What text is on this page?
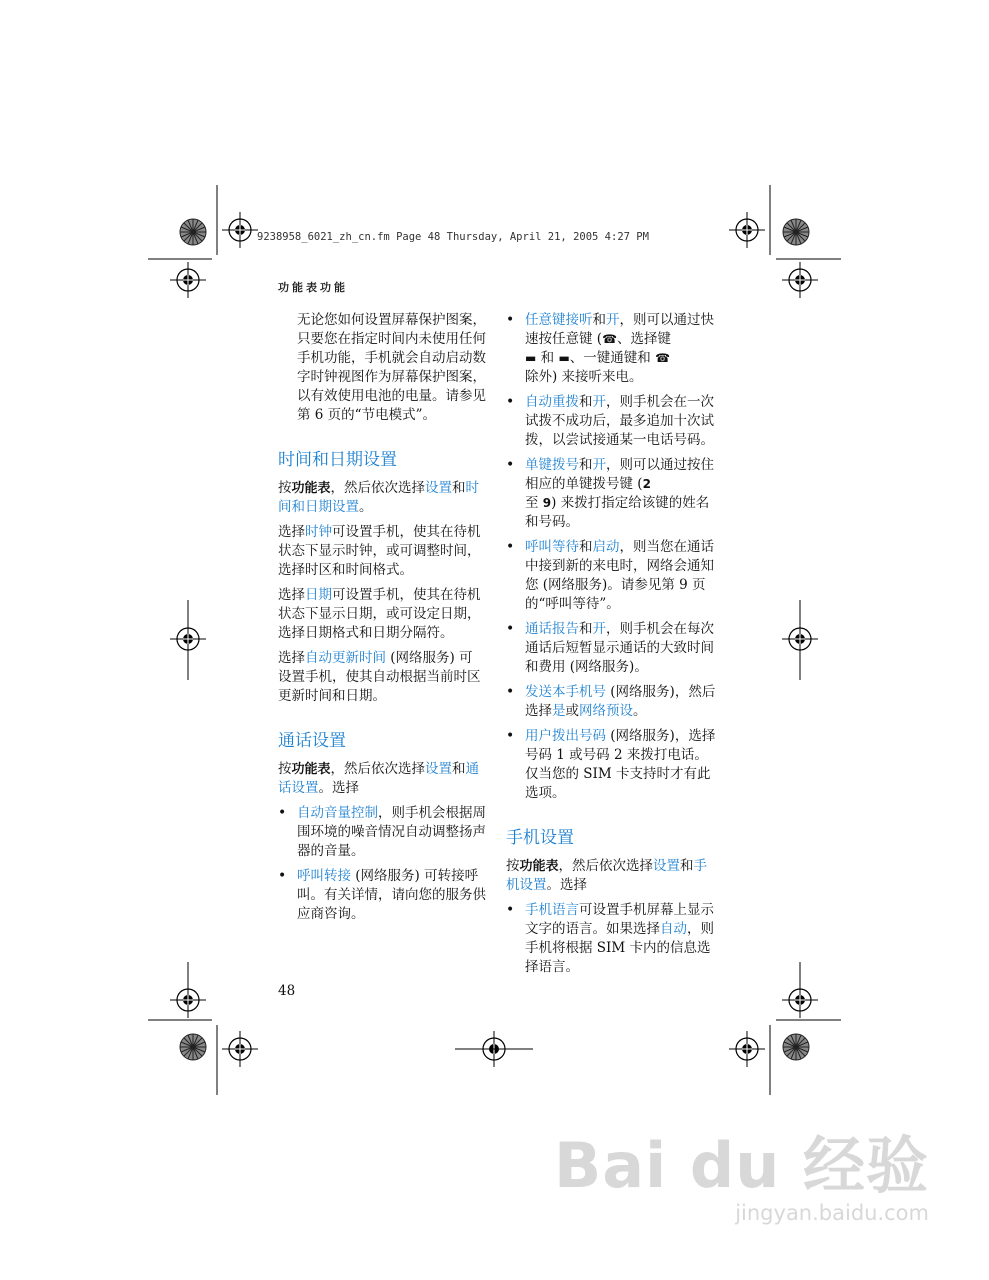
9238958_6021_zh_cn.fm Page 48 Thursday, April 21, 2005 4:27 PM
功能表功能

无论您如何设置屏幕保护图案，只要您在指定时间内未使用任何手机功能，手机就会自动启动数字时钟视图作为屏幕保护图案，以有效使用电池的电量。请参见第 6 页的“节电模式”。

时间和日期设置

按功能表，然后依次选择设置和时间和日期设置。

选择时钟可设置手机，使其在待机状态下显示时钟，或可调整时间，选择时区和时间格式。

选择日期可设置手机，使其在待机状态下显示日期，或可设定日期，选择日期格式和日期分隔符。

选择自动更新时间 (网络服务) 可设置手机，使其自动根据当前时区更新时间和日期。

通话设置

按功能表，然后依次选择设置和通话设置。选择

• 自动音量控制，则手机会根据周围环境的噪音情况自动调整扬声器的音量。
• 呼叫转接 (网络服务) 可转接呼叫。有关详情，请向您的服务供应商咨询。
• 任意键接听和开，则可以通过快速按任意键 (☎、选择键
▬ 和 ▬、一键通键和 ☎
除外) 来接听来电。
• 自动重拨和开，则手机会在一次试拨不成功后，最多追加十次试拨，以尝试接通某一电话号码。
• 单键拨号和开，则可以通过按住相应的单键拨号键 (2
至 9) 来拨打指定给该键的姓名和号码。
• 呼叫等待和启动，则当您在通话中接到新的来电时，网络会通知您 (网络服务)。请参见第 9 页的“呼叫等待”。
• 通话报告和开，则手机会在每次通话后短暂显示通话的大致时间和费用 (网络服务)。
• 发送本手机号 (网络服务)，然后选择是或网络预设。
• 用户拨出号码 (网络服务)，选择号码 1 或号码 2 来拨打电话。仅当您的 SIM 卡支持时才有此选项。
手机设置

按功能表，然后依次选择设置和手机设置。选择

• 手机语言可设置手机屏幕上显示文字的语言。如果选择自动，则手机将根据 SIM 卡内的信息选择语言。
48
Bai du 经验
jingyan.baidu.com
